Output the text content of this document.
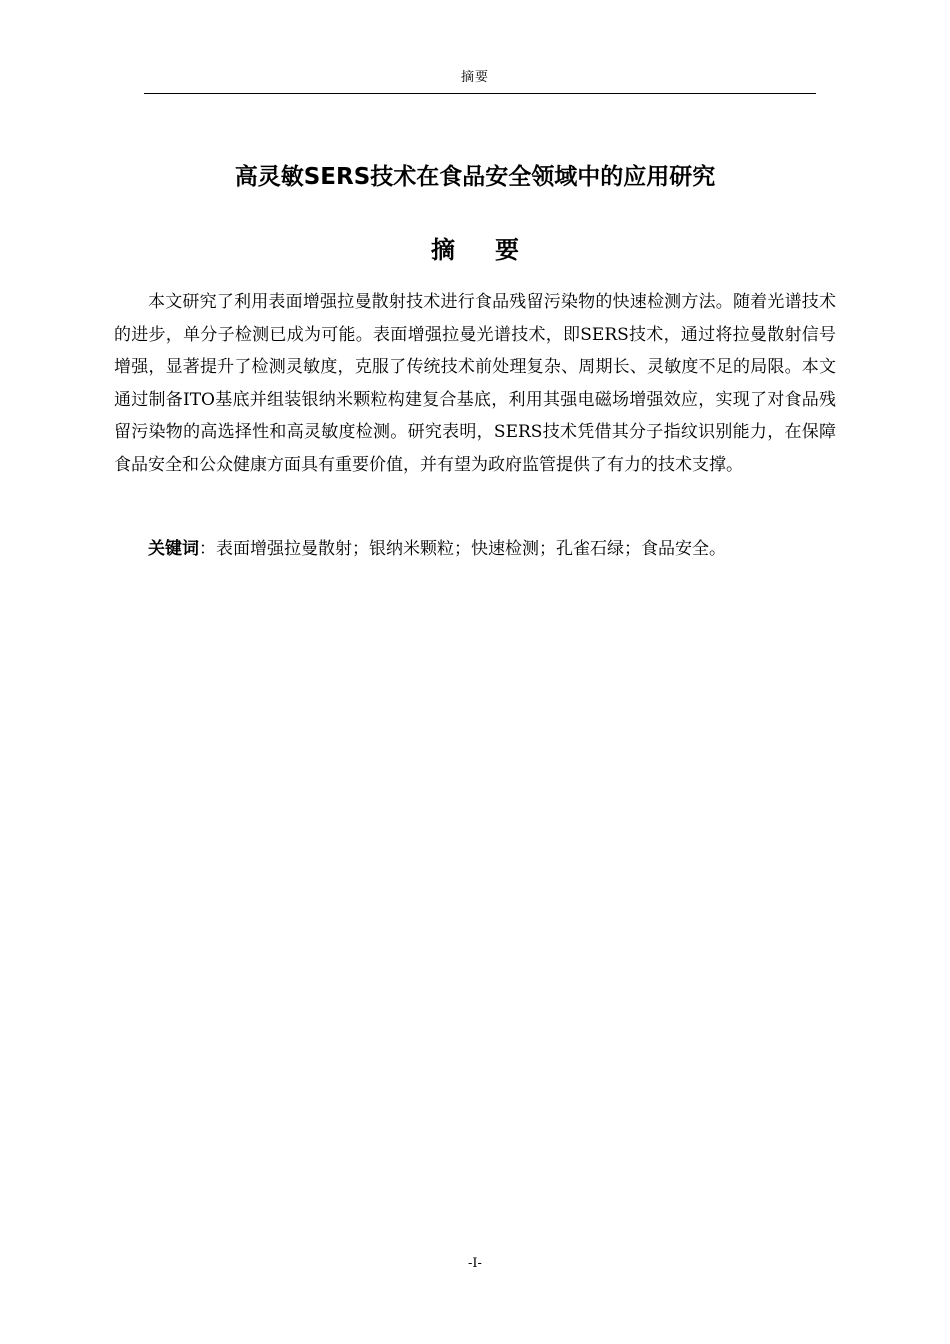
摘要
高灵敏SERS技术在食品安全领域中的应用研究
摘 要

本文研究了利用表面增强拉曼散射技术进行食品残留污染物的快速检测方法。随着光谱技术的进步，单分子检测已成为可能。表面增强拉曼光谱技术，即SERS技术，通过将拉曼散射信号增强，显著提升了检测灵敏度，克服了传统技术前处理复杂、周期长、灵敏度不足的局限。本文通过制备ITO基底并组装银纳米颗粒构建复合基底，利用其强电磁场增强效应，实现了对食品残留污染物的高选择性和高灵敏度检测。研究表明，SERS技术凭借其分子指纹识别能力，在保障食品安全和公众健康方面具有重要价值，并有望为政府监管提供了有力的技术支撑。

关键词：表面增强拉曼散射；银纳米颗粒；快速检测；孔雀石绿；食品安全。

-I-
